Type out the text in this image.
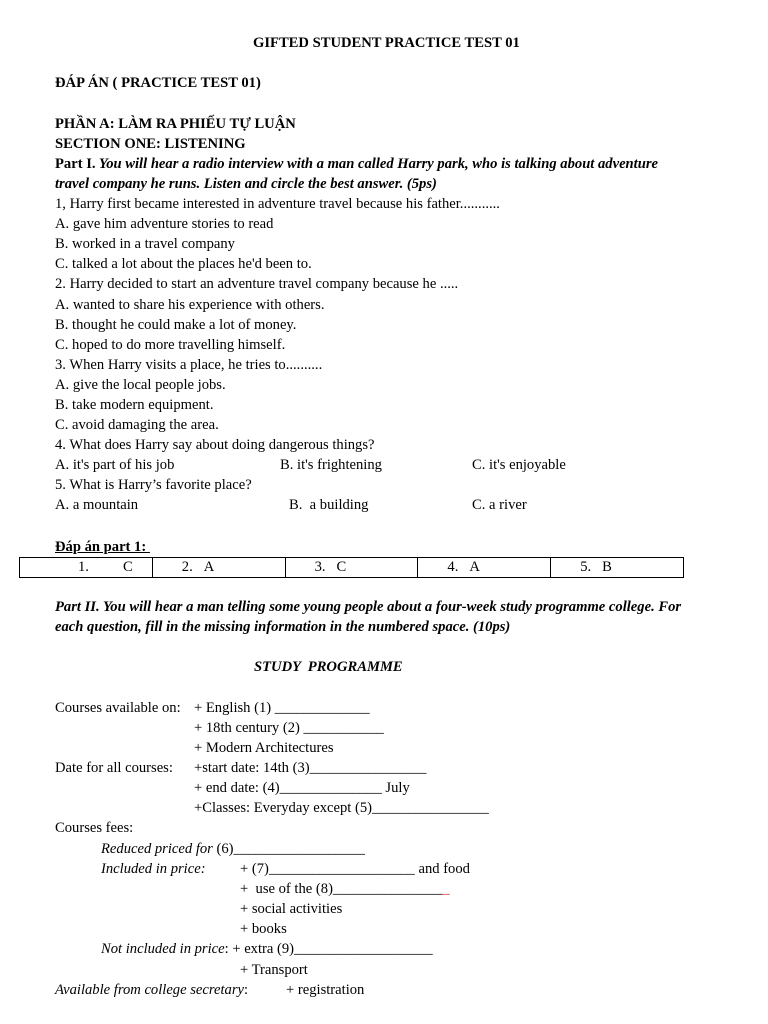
GIFTED STUDENT PRACTICE TEST 01
ĐÁP ÁN ( PRACTICE TEST 01)
PHẦN A: LÀM RA PHIẾU TỰ LUẬN
SECTION ONE: LISTENING
Part I. You will hear a radio interview with a man called Harry park, who is talking about adventure
travel company he runs. Listen and circle the best answer. (5ps)
1, Harry first became interested in adventure travel because his father...........
A. gave him adventure stories to read
B. worked in a travel company
C. talked a lot about the places he'd been to.
2. Harry decided to start an adventure travel company because he .....
A. wanted to share his experience with others.
B. thought he could make a lot of money.
C. hoped to do more travelling himself.
3. When Harry visits a place, he tries to..........
A. give the local people jobs.
B. take modern equipment.
C. avoid damaging the area.
4. What does Harry say about doing dangerous things?
A. it's part of his job	B. it's frightening	C. it's enjoyable
5. What is Harry’s favorite place?
A. a mountain	B.  a building	C. a river
Đáp án part 1:
1. C	2. A	3. C	4. A	5. B
Part II. You will hear a man telling some young people about a four-week study programme college. For
each question, fill in the missing information in the numbered space. (10ps)
STUDY  PROGRAMME
Courses available on: + English (1) _____________
+ 18th century (2) ___________
+ Modern Architectures
Date for all courses: +start date: 14th (3)________________
+ end date: (4)______________ July
+Classes: Everyday except (5)________________
Courses fees:
Reduced priced for (6)__________________
Included in price: + (7)____________________ and food
+  use of the (8)________________
+ social activities
+ books
Not included in price: + extra (9)___________________
+ Transport
Available from college secretary:	+ registration
